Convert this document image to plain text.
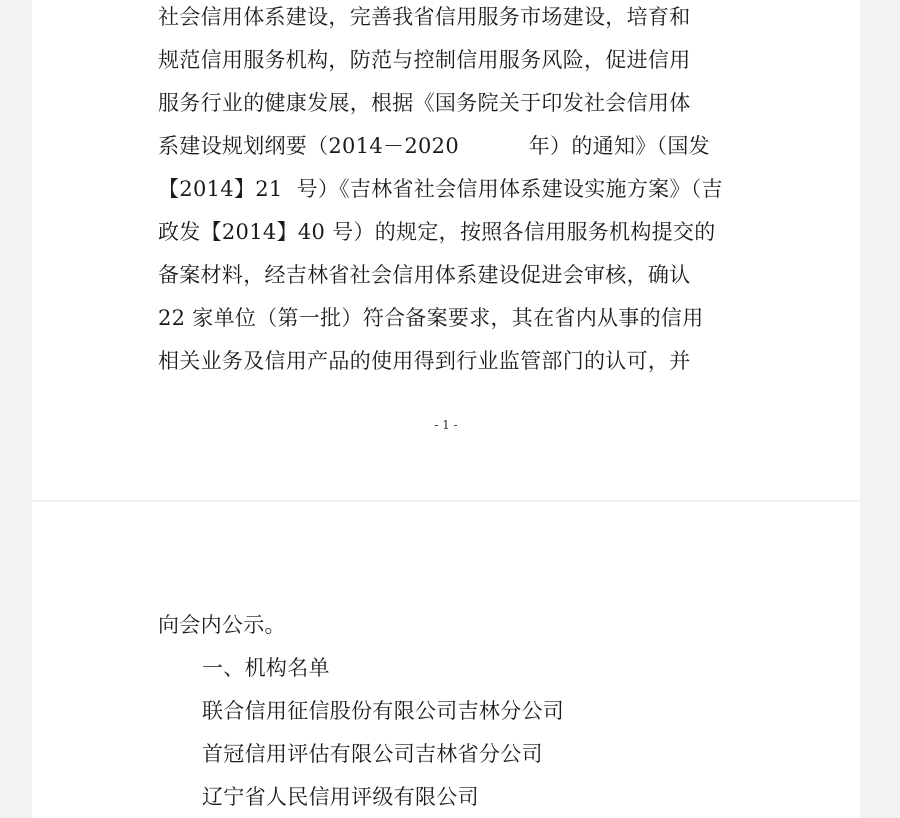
社会信用体系建设，完善我省信用服务市场建设，培育和
规范信用服务机构，防范与控制信用服务风险，促进信用
服务行业的健康发展，根据《国务院关于印发社会信用体
系建设规划纲要（2014－2020          年）的通知》（国发
【2014】21  号）《吉林省社会信用体系建设实施方案》（吉
政发【2014】40 号）的规定，按照各信用服务机构提交的
备案材料，经吉林省社会信用体系建设促进会审核，确认
22 家单位（第一批）符合备案要求，其在省内从事的信用
相关业务及信用产品的使用得到行业监管部门的认可，并
- 1 -
向会内公示。
一、机构名单
联合信用征信股份有限公司吉林分公司
首冠信用评估有限公司吉林省分公司
辽宁省人民信用评级有限公司
